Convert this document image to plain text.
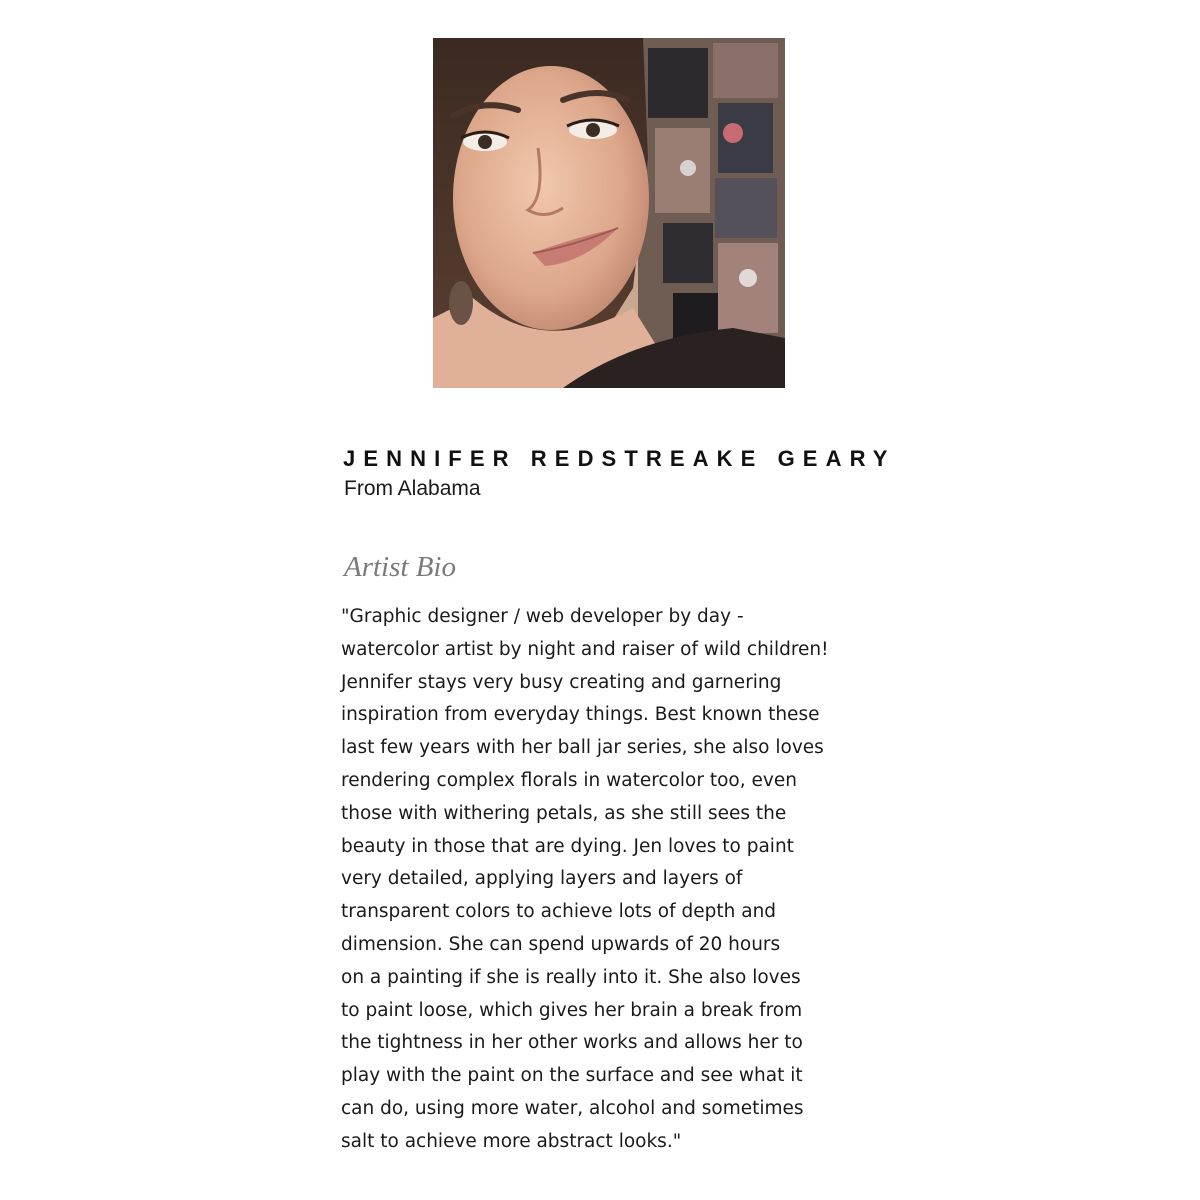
JENNIFER REDSTREAKE GEARY

From Alabama

Artist Bio
"Graphic designer / web developer by day -
watercolor artist by night and raiser of wild children!
Jennifer stays very busy creating and garnering
inspiration from everyday things. Best known these
last few years with her ball jar series, she also loves
rendering complex florals in watercolor too, even
those with withering petals, as she still sees the
beauty in those that are dying. Jen loves to paint
very detailed, applying layers and layers of
transparent colors to achieve lots of depth and
dimension. She can spend upwards of 20 hours
on a painting if she is really into it. She also loves
to paint loose, which gives her brain a break from
the tightness in her other works and allows her to
play with the paint on the surface and see what it
can do, using more water, alcohol and sometimes
salt to achieve more abstract looks."
